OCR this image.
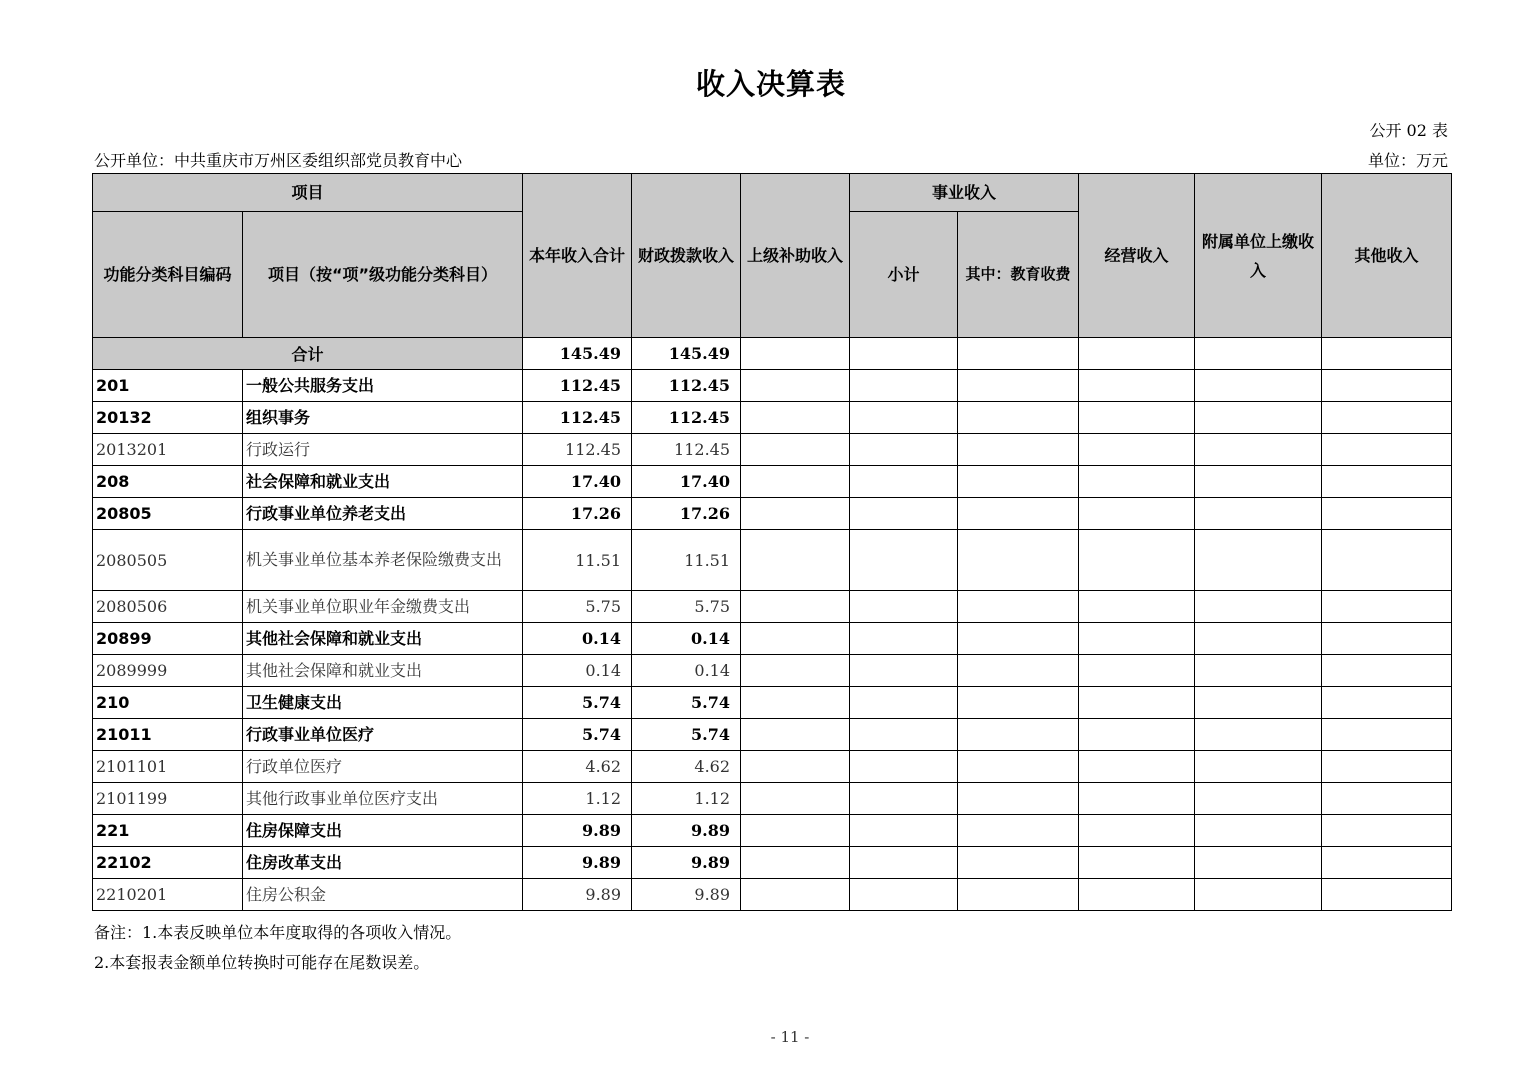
收入决算表
公开 02 表
公开单位：中共重庆市万州区委组织部党员教育中心	单位：万元
项目		本年收入合计	财政拨款收入	上级补助收入	事业收入		经营收入	附属单位上缴收入	其他收入
功能分类科目编码	项目（按“项”级功能分类科目）				小计	其中：教育收费			
合计		145.49	145.49						
201	一般公共服务支出	112.45	112.45						
20132	组织事务	112.45	112.45						
2013201	行政运行	112.45	112.45						
208	社会保障和就业支出	17.40	17.40						
20805	行政事业单位养老支出	17.26	17.26						
2080505	机关事业单位基本养老保险缴费支出	11.51	11.51						
2080506	机关事业单位职业年金缴费支出	5.75	5.75						
20899	其他社会保障和就业支出	0.14	0.14						
2089999	其他社会保障和就业支出	0.14	0.14						
210	卫生健康支出	5.74	5.74						
21011	行政事业单位医疗	5.74	5.74						
2101101	行政单位医疗	4.62	4.62						
2101199	其他行政事业单位医疗支出	1.12	1.12						
221	住房保障支出	9.89	9.89						
22102	住房改革支出	9.89	9.89						
2210201	住房公积金	9.89	9.89						
备注：1.本表反映单位本年度取得的各项收入情况。
2.本套报表金额单位转换时可能存在尾数误差。
- 11 -
